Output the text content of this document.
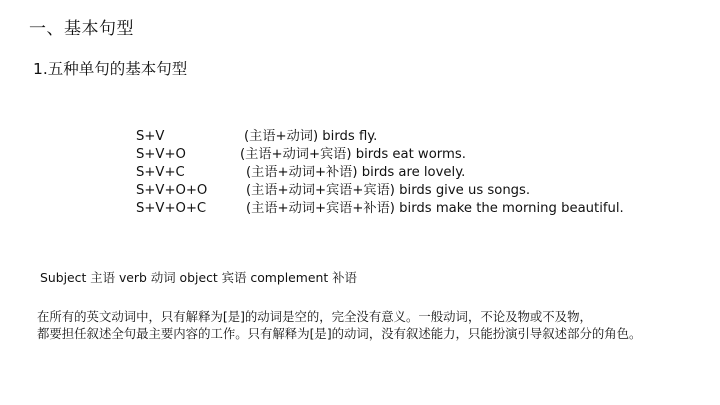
一、基本句型
1.五种单句的基本句型
S+V	(主语+动词) birds fly.
S+V+O	(主语+动词+宾语) birds eat worms.
S+V+C	(主语+动词+补语) birds are lovely.
S+V+O+O	(主语+动词+宾语+宾语) birds give us songs.
S+V+O+C	(主语+动词+宾语+补语) birds make the morning beautiful.
Subject 主语 verb 动词 object 宾语 complement 补语
在所有的英文动词中，只有解释为[是]的动词是空的，完全没有意义。一般动词，不论及物或不及物，
都要担任叙述全句最主要内容的工作。只有解释为[是]的动词，没有叙述能力，只能扮演引导叙述部分的角色。
